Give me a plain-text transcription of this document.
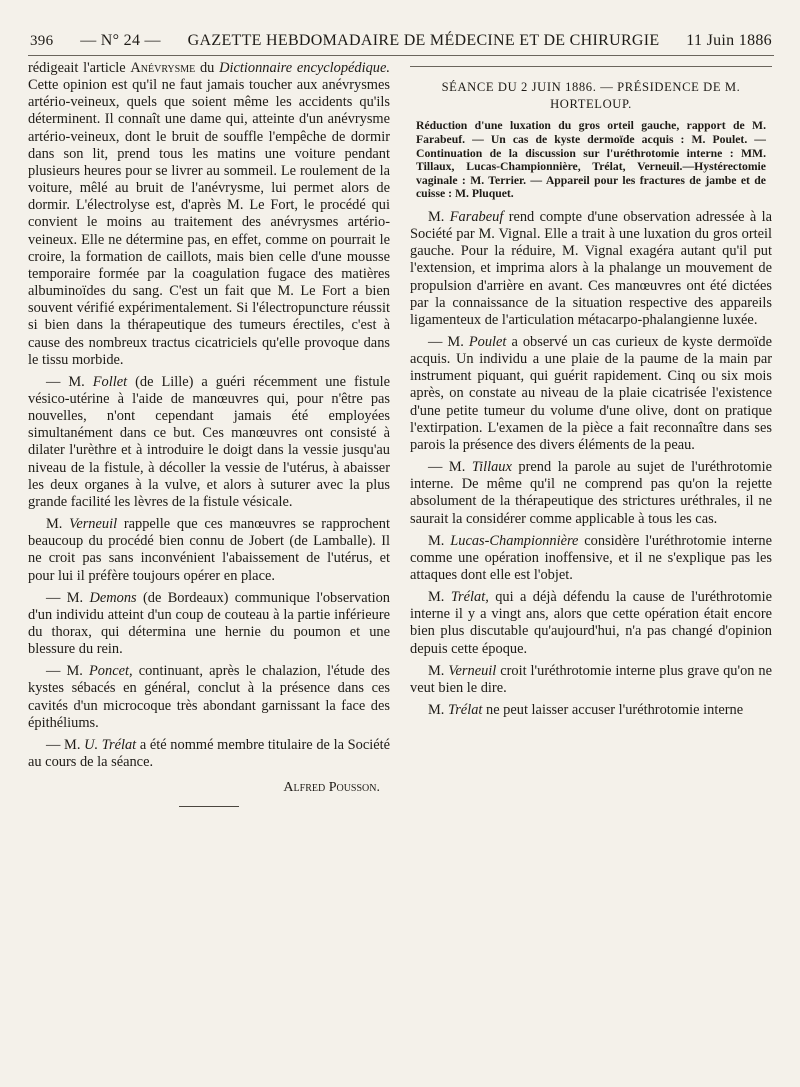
396 — N° 24 — GAZETTE HEBDOMADAIRE DE MÉDECINE ET DE CHIRURGIE 11 Juin 1886

rédigeait l'article Anévrysme du Dictionnaire encyclopédique. Cette opinion est qu'il ne faut jamais toucher aux anévrysmes artério-veineux, quels que soient même les accidents qu'ils déterminent. Il connaît une dame qui, atteinte d'un anévrysme artério-veineux, dont le bruit de souffle l'empêche de dormir dans son lit, prend tous les matins une voiture pendant plusieurs heures pour se livrer au sommeil. Le roulement de la voiture, mêlé au bruit de l'anévrysme, lui permet alors de dormir. L'électrolyse est, d'après M. Le Fort, le procédé qui convient le moins au traitement des anévrysmes artério-veineux. Elle ne détermine pas, en effet, comme on pourrait le croire, la formation de caillots, mais bien celle d'une mousse temporaire formée par la coagulation fugace des matières albuminoïdes du sang. C'est un fait que M. Le Fort a bien souvent vérifié expérimentalement. Si l'électropuncture réussit si bien dans la thérapeutique des tumeurs érectiles, c'est à cause des nombreux tractus cicatriciels qu'elle provoque dans le tissu morbide.

— M. Follet (de Lille) a guéri récemment une fistule vésico-utérine à l'aide de manœuvres qui, pour n'être pas nouvelles, n'ont cependant jamais été employées simultanément dans ce but. Ces manœuvres ont consisté à dilater l'urèthre et à introduire le doigt dans la vessie jusqu'au niveau de la fistule, à décoller la vessie de l'utérus, à abaisser les deux organes à la vulve, et alors à suturer avec la plus grande facilité les lèvres de la fistule vésicale.

M. Verneuil rappelle que ces manœuvres se rapprochent beaucoup du procédé bien connu de Jobert (de Lamballe). Il ne croit pas sans inconvénient l'abaissement de l'utérus, et pour lui il préfère toujours opérer en place.

— M. Demons (de Bordeaux) communique l'observation d'un individu atteint d'un coup de couteau à la partie inférieure du thorax, qui détermina une hernie du poumon et une blessure du rein.

— M. Poncet, continuant, après le chalazion, l'étude des kystes sébacés en général, conclut à la présence dans ces cavités d'un microcoque très abondant garnissant la face des épithéliums.

— M. U. Trélat a été nommé membre titulaire de la Société au cours de la séance.

Alfred Pousson.
SÉANCE DU 2 JUIN 1886. — PRÉSIDENCE DE M. HORTELOUP.
Réduction d'une luxation du gros orteil gauche, rapport de M. Farabeuf. — Un cas de kyste dermoïde acquis : M. Poulet. — Continuation de la discussion sur l'uréthrotomie interne : MM. Tillaux, Lucas-Championnière, Trélat, Verneuil.—Hystérectomie vaginale : M. Terrier. — Appareil pour les fractures de jambe et de cuisse : M. Pluquet.

M. Farabeuf rend compte d'une observation adressée à la Société par M. Vignal. Elle a trait à une luxation du gros orteil gauche. Pour la réduire, M. Vignal exagéra autant qu'il put l'extension, et imprima alors à la phalange un mouvement de propulsion d'arrière en avant. Ces manœuvres ont été dictées par la connaissance de la situation respective des appareils ligamenteux de l'articulation métacarpo-phalangienne luxée.

— M. Poulet a observé un cas curieux de kyste dermoïde acquis. Un individu a une plaie de la paume de la main par instrument piquant, qui guérit rapidement. Cinq ou six mois après, on constate au niveau de la plaie cicatrisée l'existence d'une petite tumeur du volume d'une olive, dont on pratique l'extirpation. L'examen de la pièce a fait reconnaître dans ses parois la présence des divers éléments de la peau.

— M. Tillaux prend la parole au sujet de l'uréthrotomie interne. De même qu'il ne comprend pas qu'on la rejette absolument de la thérapeutique des strictures uréthrales, il ne saurait la considérer comme applicable à tous les cas.

M. Lucas-Championnière considère l'uréthrotomie interne comme une opération inoffensive, et il ne s'explique pas les attaques dont elle est l'objet.

M. Trélat, qui a déjà défendu la cause de l'uréthrotomie interne il y a vingt ans, alors que cette opération était encore bien plus discutable qu'aujourd'hui, n'a pas changé d'opinion depuis cette époque.

M. Verneuil croit l'uréthrotomie interne plus grave qu'on ne veut bien le dire.

M. Trélat ne peut laisser accuser l'uréthrotomie interne
